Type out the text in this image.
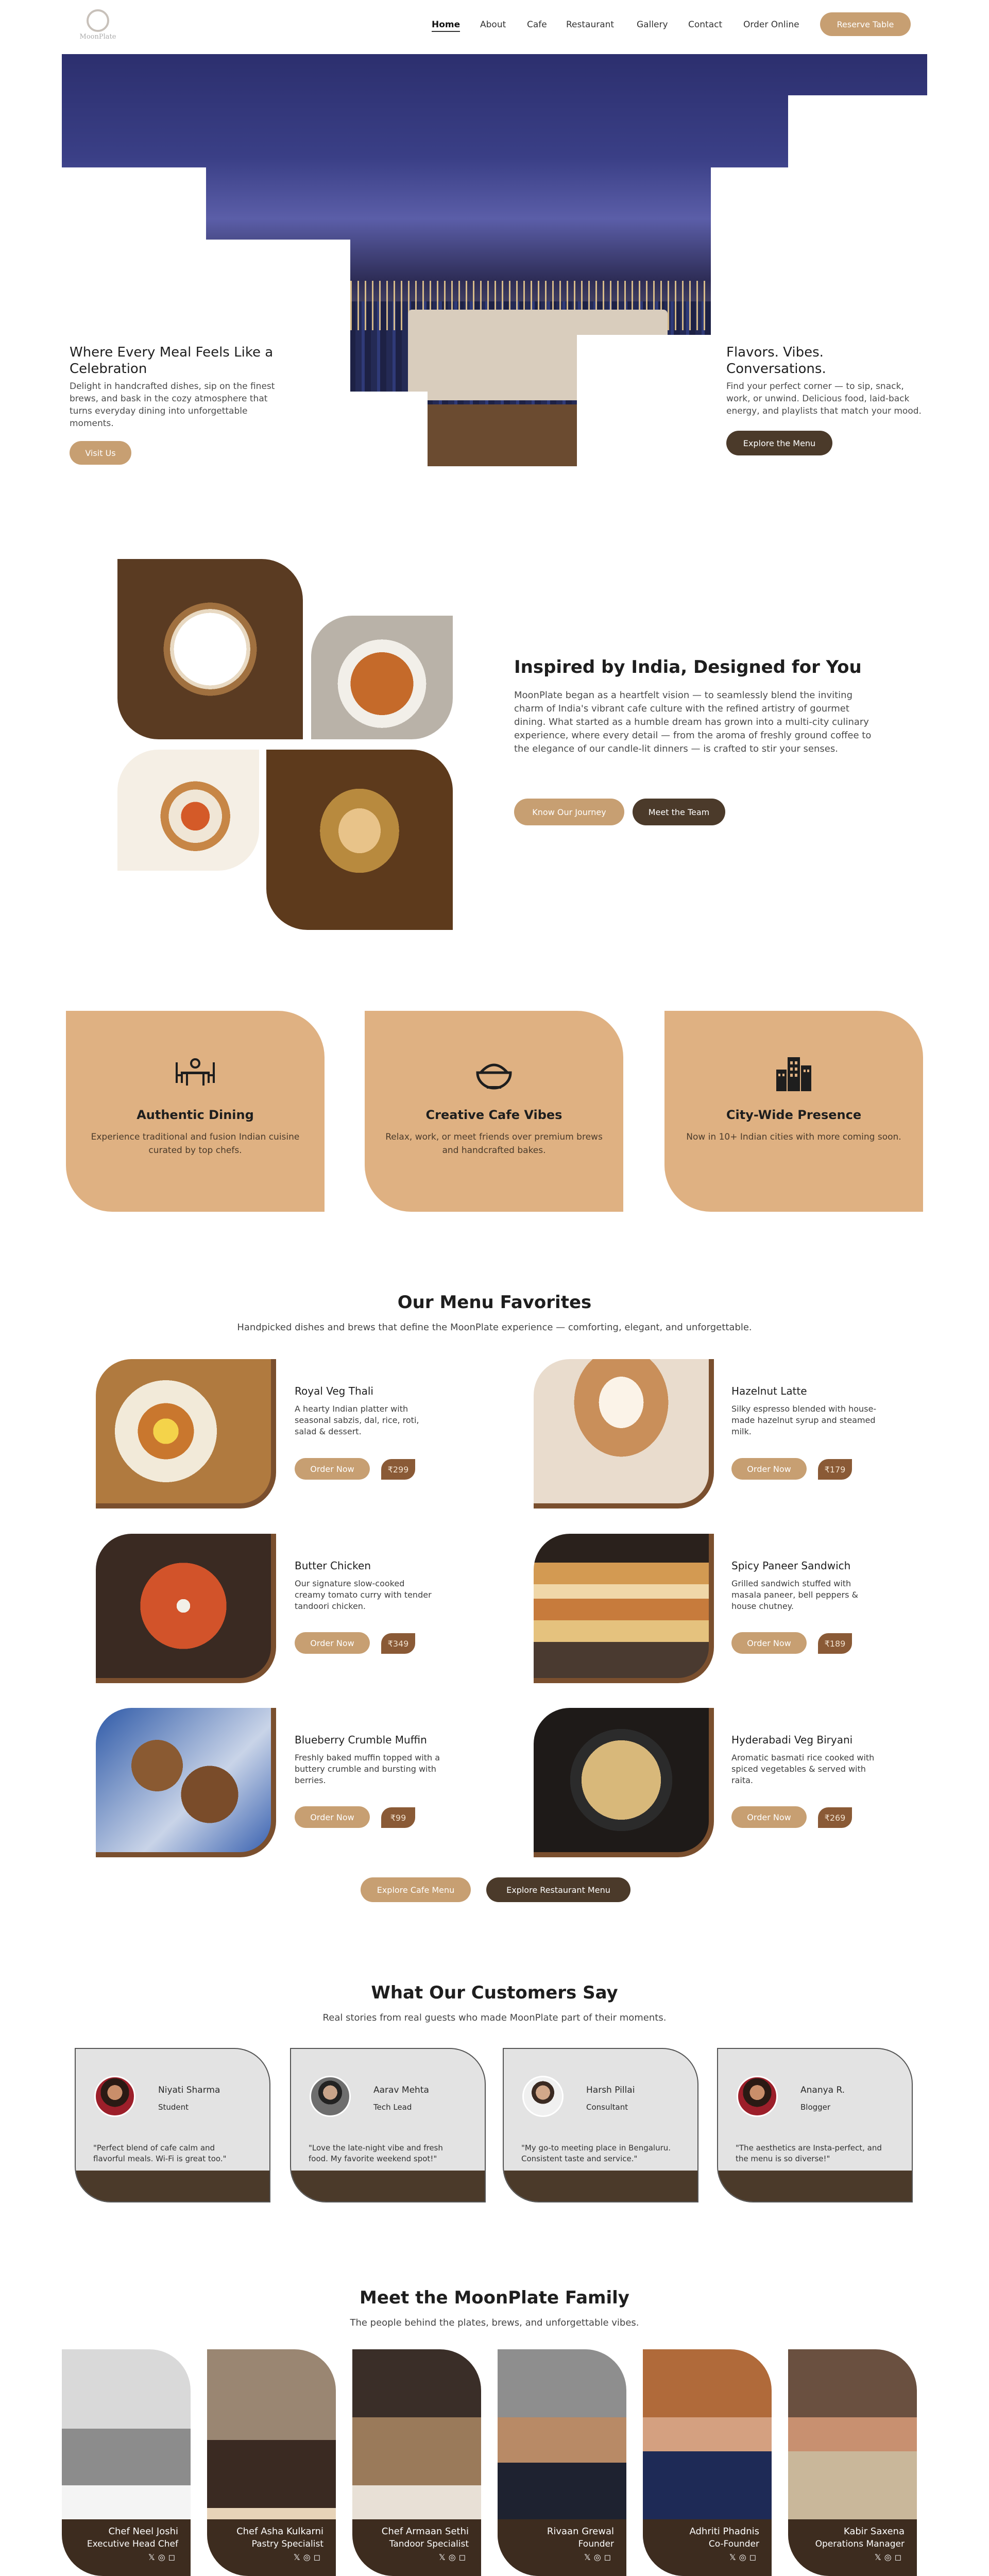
MoonPlate
Home About Cafe Restaurant	Gallery Contact Order Online	Reserve Table
Where Every Meal Feels Like a Celebration

Delight in handcrafted dishes, sip on the finest brews, and bask in the cozy atmosphere that turns everyday dining into unforgettable moments.

Visit Us
Flavors. Vibes. Conversations.

Find your perfect corner — to sip, snack, work, or unwind. Delicious food, laid-back energy, and playlists that match your mood.

Explore the Menu
Inspired by India, Designed for You

MoonPlate began as a heartfelt vision — to seamlessly blend the inviting charm of India's vibrant cafe culture with the refined artistry of gourmet dining. What started as a humble dream has grown into a multi-city culinary experience, where every detail — from the aroma of freshly ground coffee to the elegance of our candle-lit dinners — is crafted to stir your senses.

Know Our Journey	Meet the Team
Authentic Dining

Experience traditional and fusion Indian cuisine curated by top chefs.

Creative Cafe Vibes

Relax, work, or meet friends over premium brews and handcrafted bakes.

City-Wide Presence

Now in 10+ Indian cities with more coming soon.

Our Menu Favorites

Handpicked dishes and brews that define the MoonPlate experience — comforting, elegant, and unforgettable.

Royal Veg Thali

A hearty Indian platter with seasonal sabzis, dal, rice, roti, salad & dessert.

Order Now	₹299
Hazelnut Latte

Silky espresso blended with house-made hazelnut syrup and steamed milk.

Order Now	₹179
Butter Chicken

Our signature slow-cooked creamy tomato curry with tender tandoori chicken.

Order Now	₹349
Spicy Paneer Sandwich

Grilled sandwich stuffed with masala paneer, bell peppers & house chutney.

Order Now	₹189
Blueberry Crumble Muffin

Freshly baked muffin topped with a buttery crumble and bursting with berries.

Order Now	₹99
Hyderabadi Veg Biryani

Aromatic basmati rice cooked with spiced vegetables & served with raita.

Order Now	₹269
Explore Cafe Menu	Explore Restaurant Menu
What Our Customers Say

Real stories from real guests who made MoonPlate part of their moments.

Niyati Sharma
Student

"Perfect blend of cafe calm and flavorful meals. Wi-Fi is great too."

Aarav Mehta
Tech Lead

"Love the late-night vibe and fresh food. My favorite weekend spot!"

Harsh Pillai
Consultant

"My go-to meeting place in Bengaluru. Consistent taste and service."

Ananya R.
Blogger

"The aesthetics are Insta-perfect, and the menu is so diverse!"

Meet the MoonPlate Family

The people behind the plates, brews, and unforgettable vibes.

Chef Neel Joshi
Executive Head Chef
𝕏◎◻
Chef Asha Kulkarni
Pastry Specialist
𝕏◎◻
Chef Armaan Sethi
Tandoor Specialist
𝕏◎◻
Rivaan Grewal
Founder
𝕏◎◻
Adhriti Phadnis
Co-Founder
𝕏◎◻
Kabir Saxena
Operations Manager
𝕏◎◻
